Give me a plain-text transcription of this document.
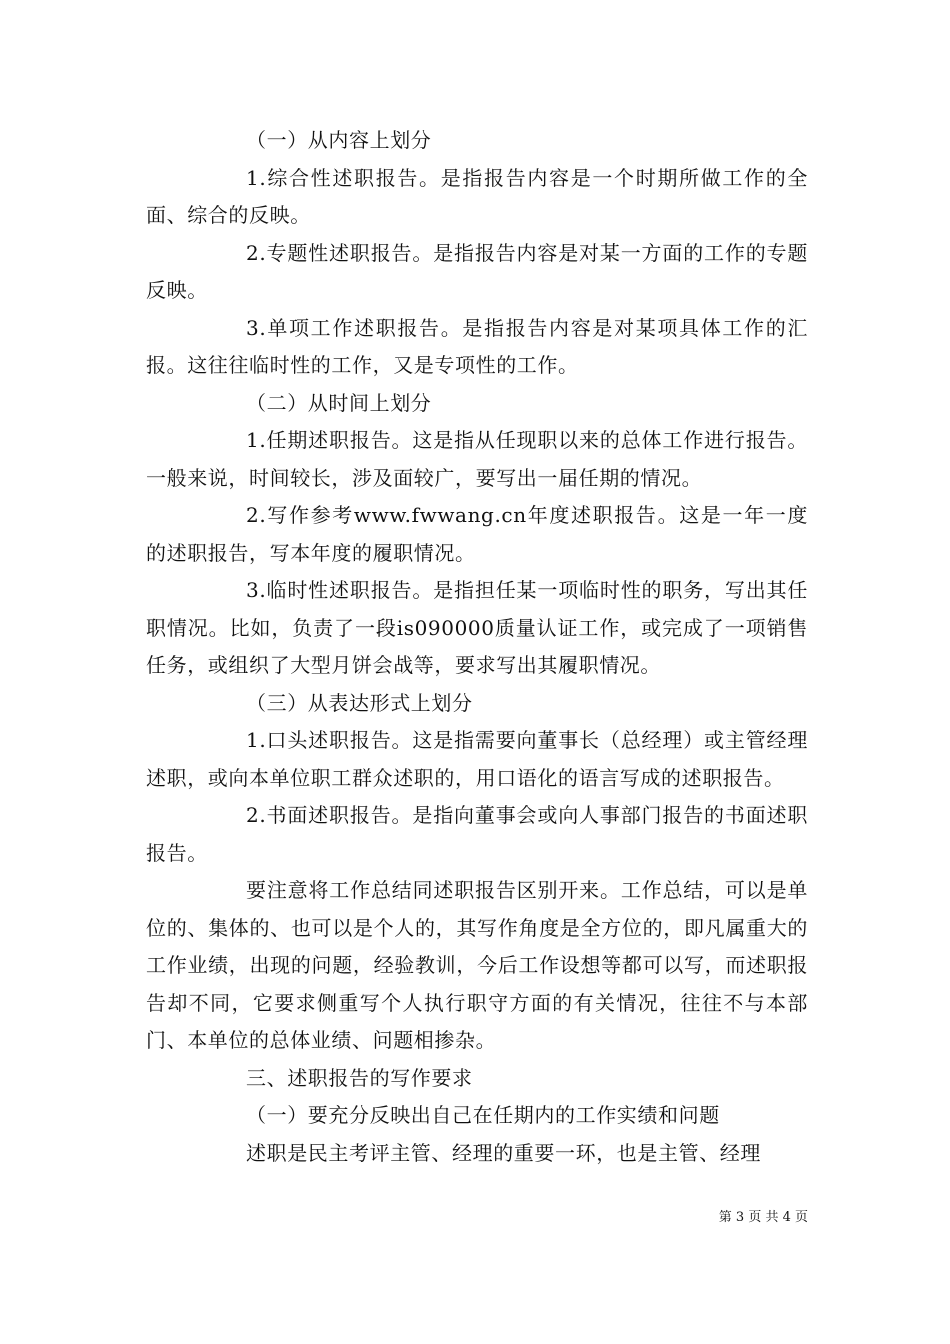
（一）从内容上划分

1.综合性述职报告。是指报告内容是一个时期所做工作的全面、综合的反映。

2.专题性述职报告。是指报告内容是对某一方面的工作的专题反映。

3.单项工作述职报告。是指报告内容是对某项具体工作的汇报。这往往临时性的工作，又是专项性的工作。

（二）从时间上划分

1.任期述职报告。这是指从任现职以来的总体工作进行报告。一般来说，时间较长，涉及面较广，要写出一届任期的情况。

2.写作参考www.fwwang.cn年度述职报告。这是一年一度的述职报告，写本年度的履职情况。

3.临时性述职报告。是指担任某一项临时性的职务，写出其任职情况。比如，负责了一段is090000质量认证工作，或完成了一项销售任务，或组织了大型月饼会战等，要求写出其履职情况。

（三）从表达形式上划分

1.口头述职报告。这是指需要向董事长（总经理）或主管经理述职，或向本单位职工群众述职的，用口语化的语言写成的述职报告。

2.书面述职报告。是指向董事会或向人事部门报告的书面述职报告。

要注意将工作总结同述职报告区别开来。工作总结，可以是单位的、集体的、也可以是个人的，其写作角度是全方位的，即凡属重大的工作业绩，出现的问题，经验教训，今后工作设想等都可以写，而述职报告却不同，它要求侧重写个人执行职守方面的有关情况，往往不与本部门、本单位的总体业绩、问题相掺杂。

三、述职报告的写作要求

（一）要充分反映出自己在任期内的工作实绩和问题

述职是民主考评主管、经理的重要一环，也是主管、经理

第 3 页 共 4 页
